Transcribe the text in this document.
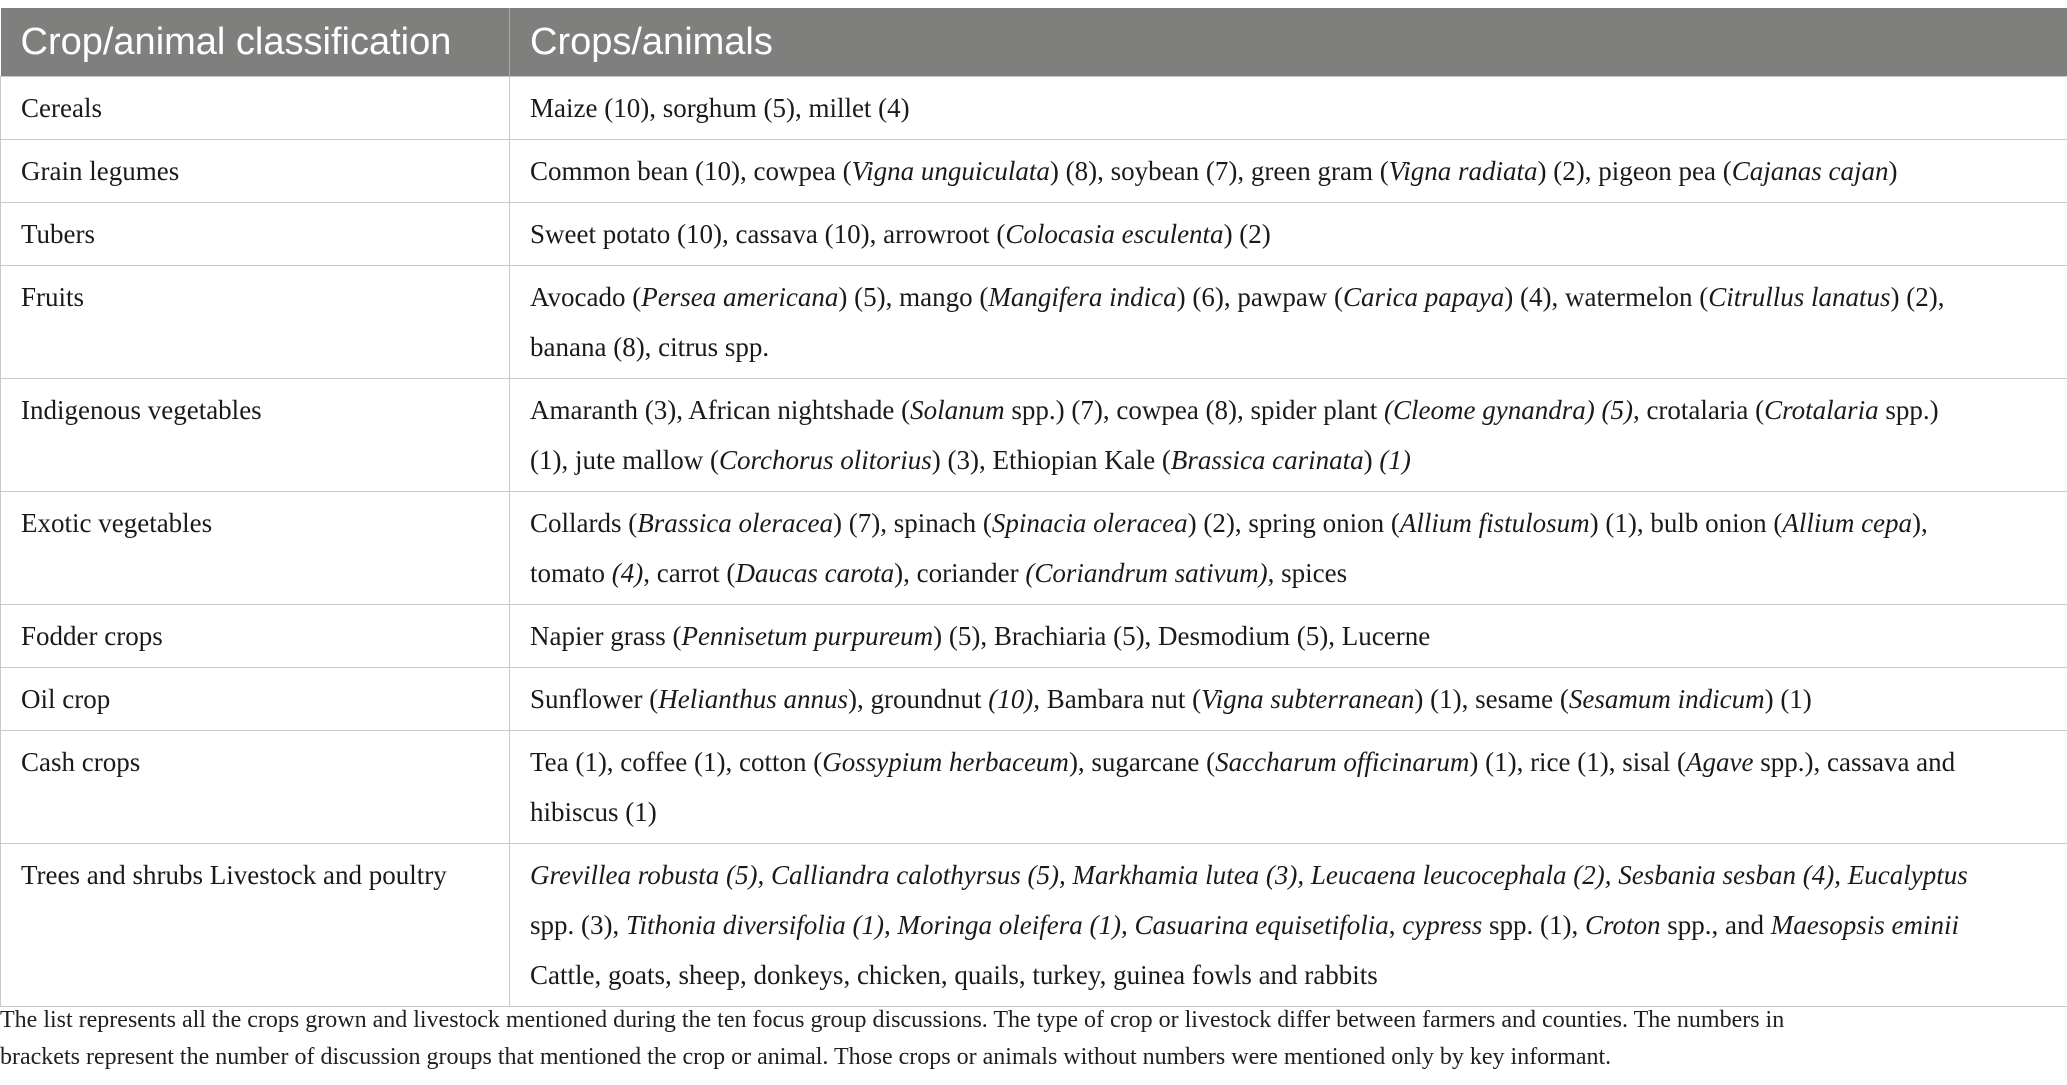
Crop/animal classification	Crops/animals
Cereals	Maize (10), sorghum (5), millet (4)

Grain legumes	Common bean (10), cowpea (Vigna unguiculata) (8), soybean (7), green gram (Vigna radiata) (2), pigeon pea (Cajanas cajan)

Tubers	Sweet potato (10), cassava (10), arrowroot (Colocasia esculenta) (2)

Fruits	Avocado (Persea americana) (5), mango (Mangifera indica) (6), pawpaw (Carica papaya) (4), watermelon (Citrullus lanatus) (2),
banana (8), citrus spp.

Indigenous vegetables	Amaranth (3), African nightshade (Solanum spp.) (7), cowpea (8), spider plant (Cleome gynandra) (5), crotalaria (Crotalaria spp.)
(1), jute mallow (Corchorus olitorius) (3), Ethiopian Kale (Brassica carinata) (1)

Exotic vegetables	Collards (Brassica oleracea) (7), spinach (Spinacia oleracea) (2), spring onion (Allium fistulosum) (1), bulb onion (Allium cepa),
tomato (4), carrot (Daucas carota), coriander (Coriandrum sativum), spices

Fodder crops	Napier grass (Pennisetum purpureum) (5), Brachiaria (5), Desmodium (5), Lucerne

Oil crop	Sunflower (Helianthus annus), groundnut (10), Bambara nut (Vigna subterranean) (1), sesame (Sesamum indicum) (1)

Cash crops	Tea (1), coffee (1), cotton (Gossypium herbaceum), sugarcane (Saccharum officinarum) (1), rice (1), sisal (Agave spp.), cassava and
hibiscus (1)

Trees and shrubs Livestock and poultry	Grevillea robusta (5), Calliandra calothyrsus (5), Markhamia lutea (3), Leucaena leucocephala (2), Sesbania sesban (4), Eucalyptus
spp. (3), Tithonia diversifolia (1), Moringa oleifera (1), Casuarina equisetifolia, cypress spp. (1), Croton spp., and Maesopsis eminii
Cattle, goats, sheep, donkeys, chicken, quails, turkey, guinea fowls and rabbits
The list represents all the crops grown and livestock mentioned during the ten focus group discussions. The type of crop or livestock differ between farmers and counties. The numbers in
brackets represent the number of discussion groups that mentioned the crop or animal. Those crops or animals without numbers were mentioned only by key informant.
